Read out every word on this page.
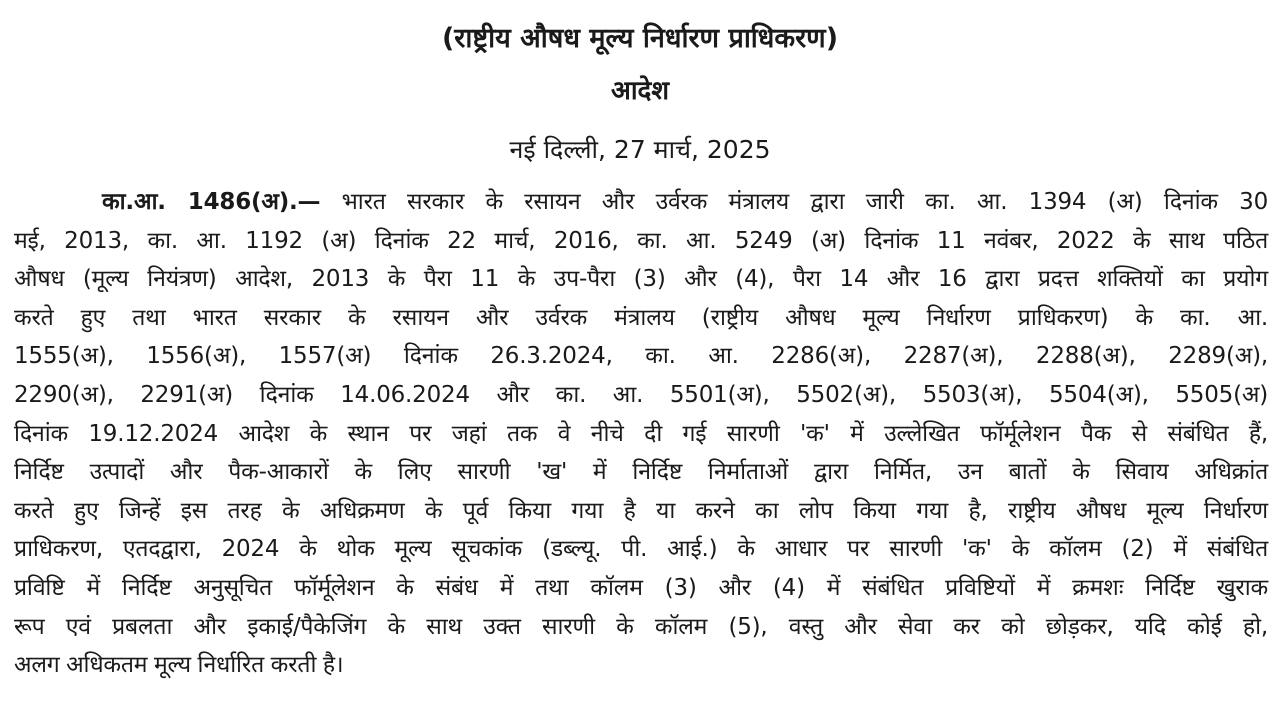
(राष्ट्रीय औषध मूल्य निर्धारण प्राधिकरण)
आदेश
नई दिल्ली, 27 मार्च, 2025
का.आ. 1486(अ).— भारत सरकार के रसायन और उर्वरक मंत्रालय द्वारा जारी का. आ. 1394 (अ) दिनांक 30
मई, 2013, का. आ. 1192 (अ) दिनांक 22 मार्च, 2016, का. आ. 5249 (अ) दिनांक 11 नवंबर, 2022 के साथ पठित
औषध (मूल्य नियंत्रण) आदेश, 2013 के पैरा 11 के उप-पैरा (3) और (4), पैरा 14 और 16 द्वारा प्रदत्त शक्तियों का प्रयोग
करते हुए तथा भारत सरकार के रसायन और उर्वरक मंत्रालय (राष्ट्रीय औषध मूल्य निर्धारण प्राधिकरण) के का. आ.
1555(अ), 1556(अ), 1557(अ) दिनांक 26.3.2024, का. आ. 2286(अ), 2287(अ), 2288(अ), 2289(अ),
2290(अ), 2291(अ) दिनांक 14.06.2024 और का. आ. 5501(अ), 5502(अ), 5503(अ), 5504(अ), 5505(अ)
दिनांक 19.12.2024 आदेश के स्थान पर जहां तक वे नीचे दी गई सारणी 'क' में उल्लेखित फॉर्मूलेशन पैक से संबंधित हैं,
निर्दिष्ट उत्पादों और पैक-आकारों के लिए सारणी 'ख' में निर्दिष्ट निर्माताओं द्वारा निर्मित, उन बातों के सिवाय अधिक्रांत
करते हुए जिन्हें इस तरह के अधिक्रमण के पूर्व किया गया है या करने का लोप किया गया है, राष्ट्रीय औषध मूल्य निर्धारण
प्राधिकरण, एतदद्वारा, 2024 के थोक मूल्य सूचकांक (डब्ल्यू. पी. आई.) के आधार पर सारणी 'क' के कॉलम (2) में संबंधित
प्रविष्टि में निर्दिष्ट अनुसूचित फॉर्मूलेशन के संबंध में तथा कॉलम (3) और (4) में संबंधित प्रविष्टियों में क्रमशः निर्दिष्ट खुराक
रूप एवं प्रबलता और इकाई/पैकेजिंग के साथ उक्त सारणी के कॉलम (5), वस्तु और सेवा कर को छोड़कर, यदि कोई हो,
अलग अधिकतम मूल्य निर्धारित करती है।
